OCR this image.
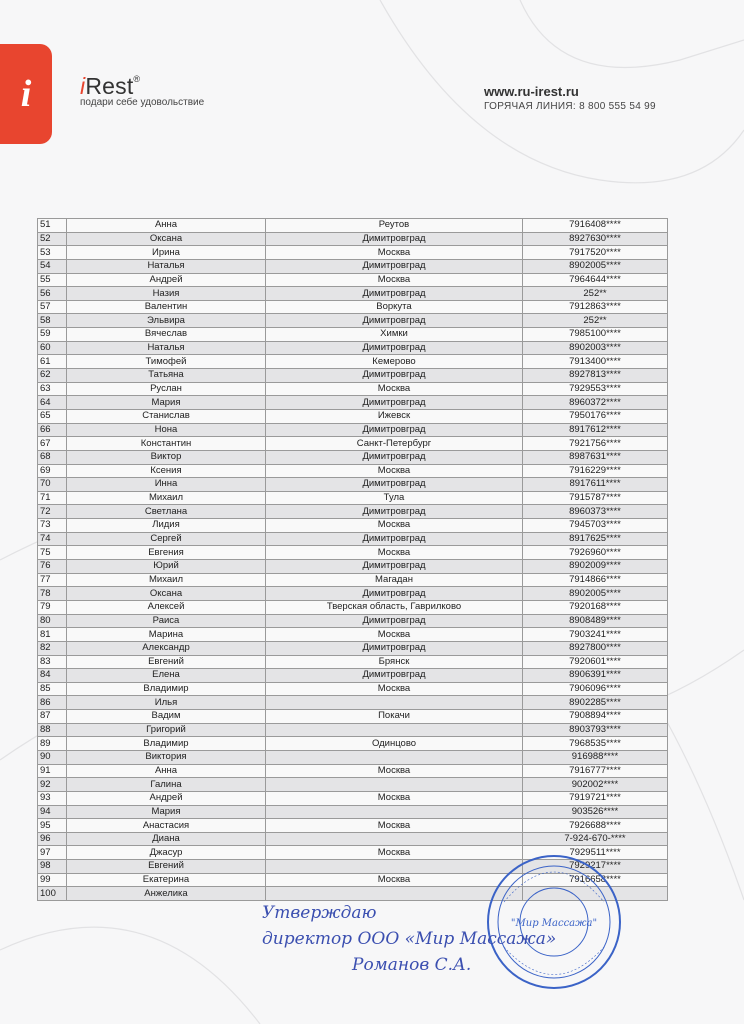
i iRest®
подари себе удовольствие
www.ru-irest.ru
ГОРЯЧАЯ ЛИНИЯ: 8 800 555 54 99
51	Анна	Реутов	7916408****
52	Оксана	Димитровград	8927630****
53	Ирина	Москва	7917520****
54	Наталья	Димитровград	8902005****
55	Андрей	Москва	7964644****
56	Назия	Димитровград	252**
57	Валентин	Воркута	7912863****
58	Эльвира	Димитровград	252**
59	Вячеслав	Химки	7985100****
60	Наталья	Димитровград	8902003****
61	Тимофей	Кемерово	7913400****
62	Татьяна	Димитровград	8927813****
63	Руслан	Москва	7929553****
64	Мария	Димитровград	8960372****
65	Станислав	Ижевск	7950176****
66	Нона	Димитровград	8917612****
67	Константин	Санкт-Петербург	7921756****
68	Виктор	Димитровград	8987631****
69	Ксения	Москва	7916229****
70	Инна	Димитровград	8917611****
71	Михаил	Тула	7915787****
72	Светлана	Димитровград	8960373****
73	Лидия	Москва	7945703****
74	Сергей	Димитровград	8917625****
75	Евгения	Москва	7926960****
76	Юрий	Димитровград	8902009****
77	Михаил	Магадан	7914866****
78	Оксана	Димитровград	8902005****
79	Алексей	Тверская область, Гаврилково	7920168****
80	Раиса	Димитровград	8908489****
81	Марина	Москва	7903241****
82	Александр	Димитровград	8927800****
83	Евгений	Брянск	7920601****
84	Елена	Димитровград	8906391****
85	Владимир	Москва	7906096****
86	Илья		8902285****
87	Вадим	Покачи	7908894****
88	Григорий		8903793****
89	Владимир	Одинцово	7968535****
90	Виктория		916988****
91	Анна	Москва	7916777****
92	Галина		902002****
93	Андрей	Москва	7919721****
94	Мария		903526****
95	Анастасия	Москва	7926688****
96	Диана		7-924-670-****
97	Джасур	Москва	7929511****
98	Евгений		7929217****
99	Екатерина	Москва	7916658****
100	Анжелика		
"Мир Массажа"
Утверждаю
директор ООО «Мир Массажа»
Романов С.А.
